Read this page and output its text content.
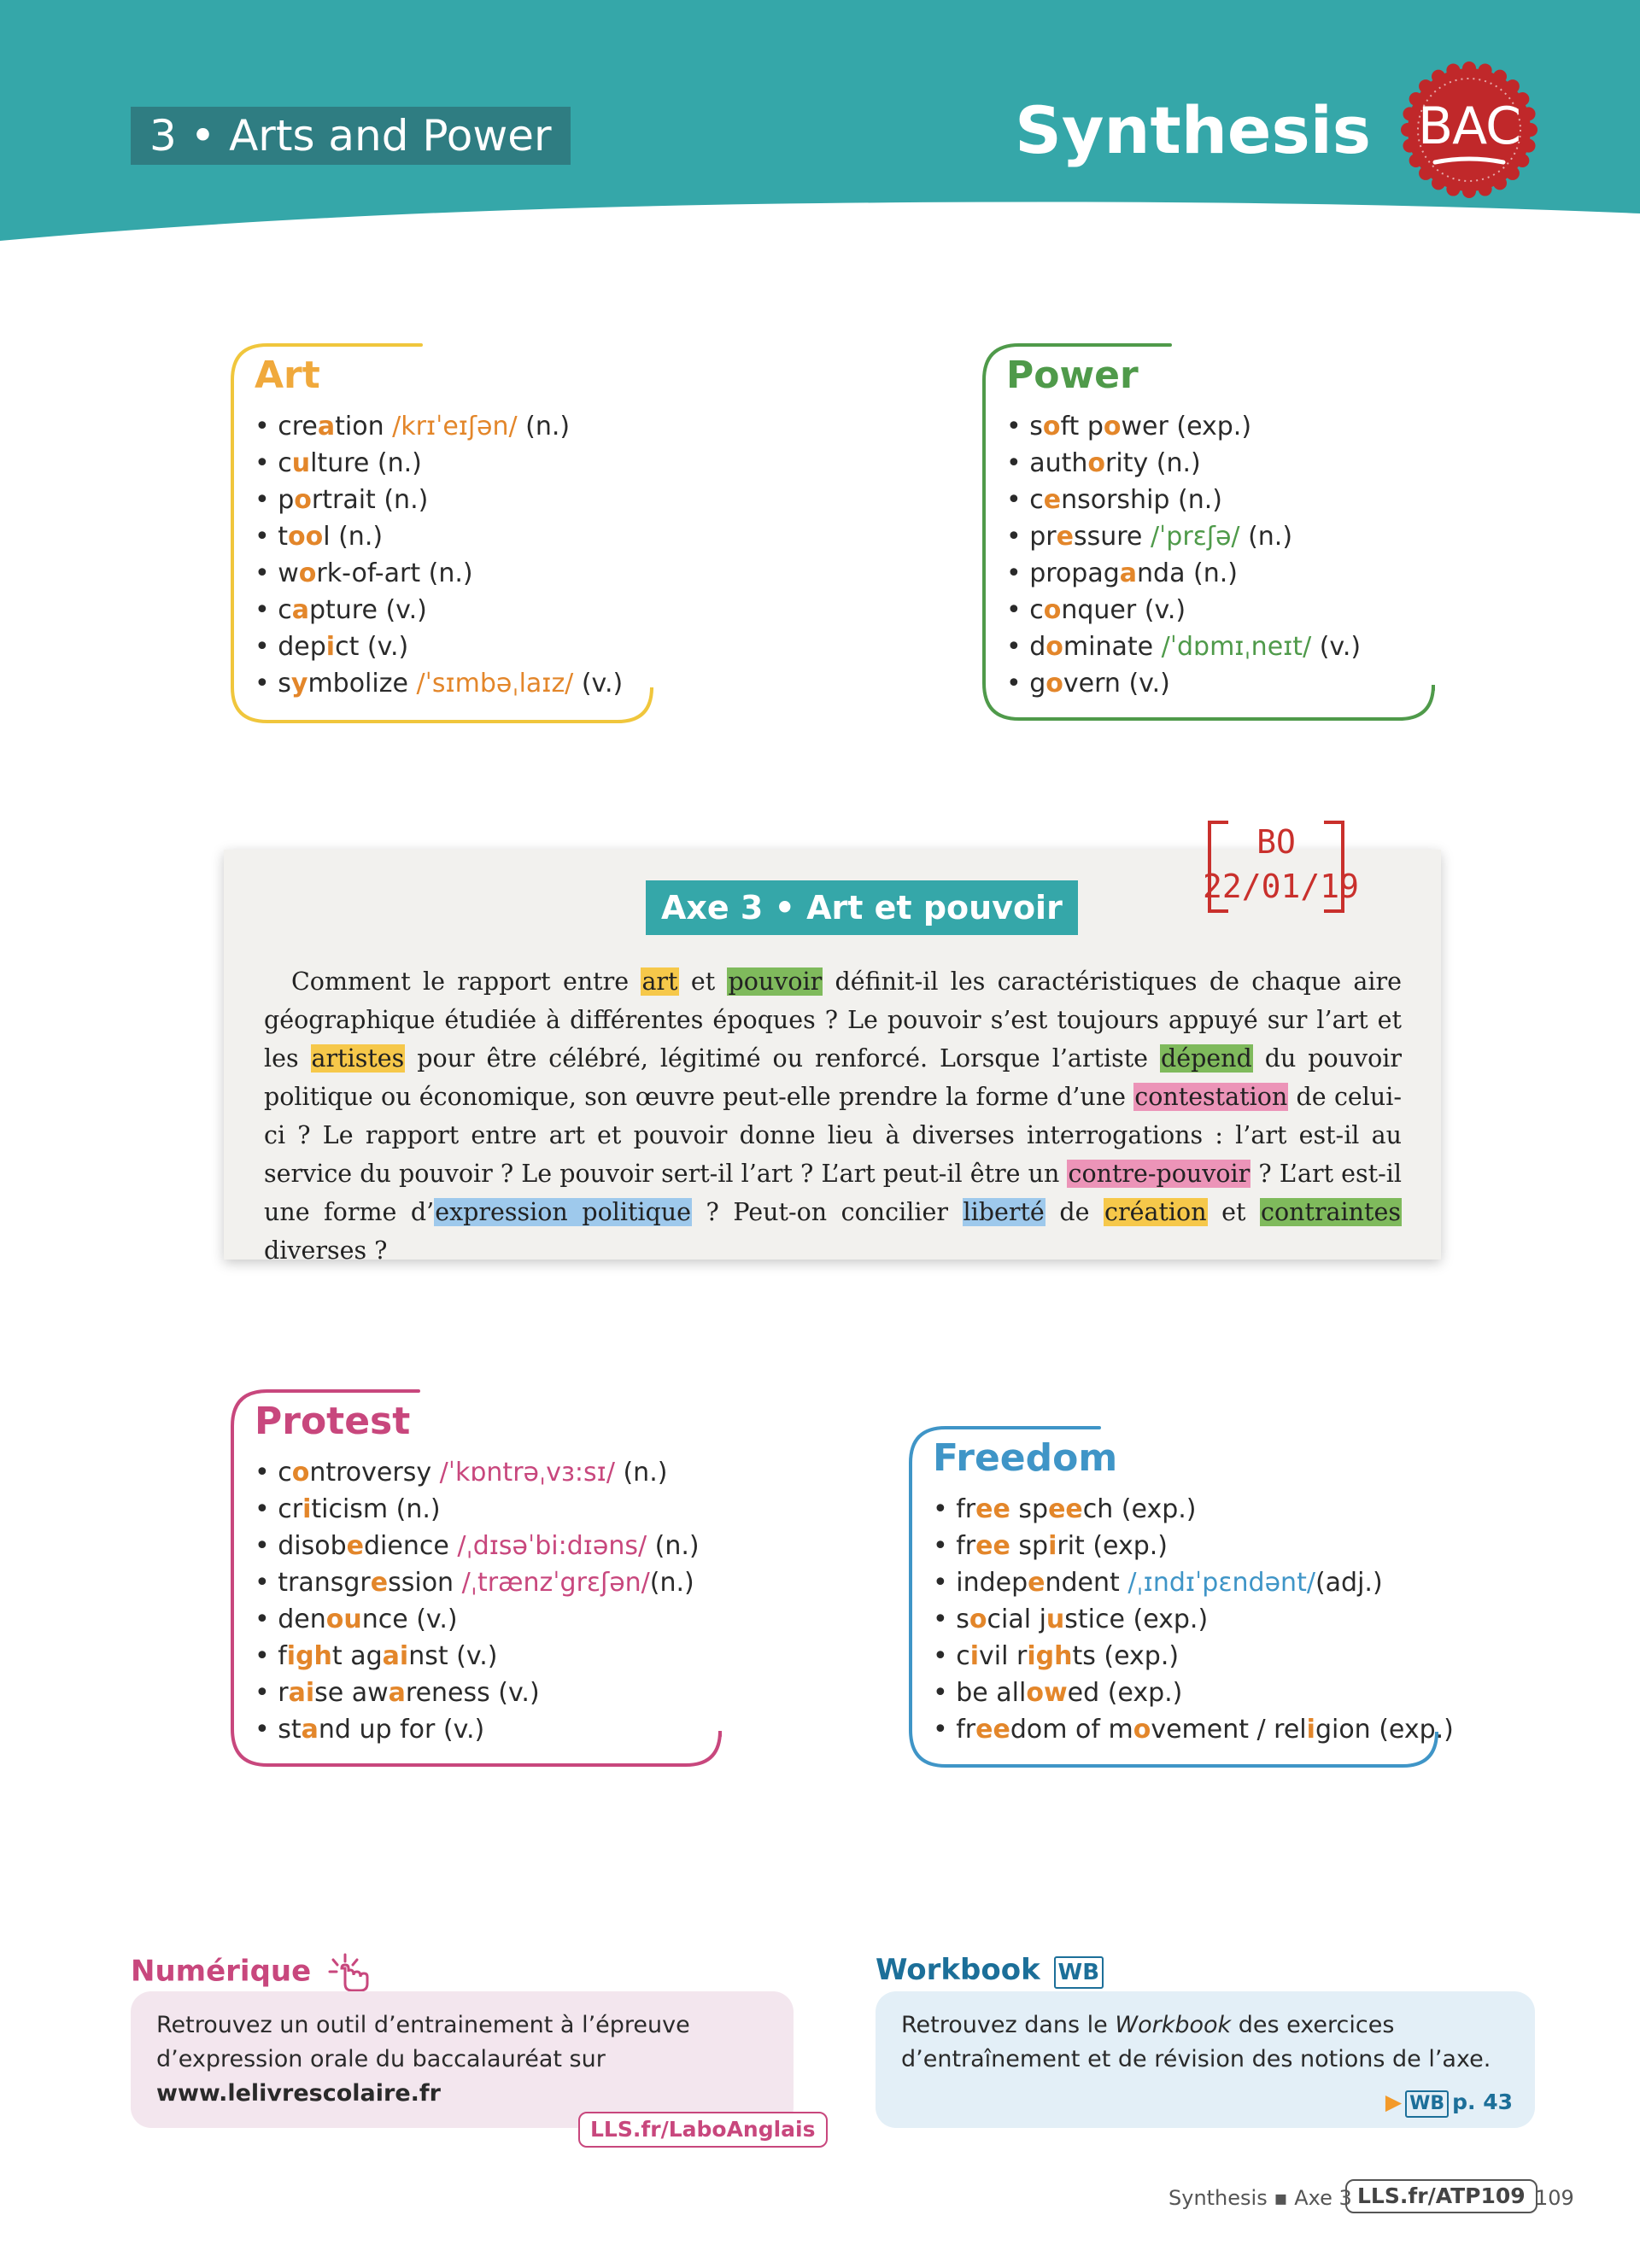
3 • Arts and Power	Synthesis BAC
Art
• creation /krɪˈeɪʃən/ (n.)
• culture (n.)
• portrait (n.)
• tool (n.)
• work-of-art (n.)
• capture (v.)
• depict (v.)
• symbolize /ˈsɪmbəˌlaɪz/ (v.)
Power
• soft power (exp.)
• authority (n.)
• censorship (n.)
• pressure /ˈprɛʃə/ (n.)
• propaganda (n.)
• conquer (v.)
• dominate /ˈdɒmɪˌneɪt/ (v.)
• govern (v.)
Axe 3 • Art et pouvoir
BO
22/01/19

Comment le rapport entre art et pouvoir définit-il les caractéristiques de chaque aire géographique étudiée à différentes époques ? Le pouvoir s’est toujours appuyé sur l’art et les artistes pour être célébré, légitimé ou renforcé. Lorsque l’artiste dépend du pouvoir politique ou économique, son œuvre peut-elle prendre la forme d’une contestation de celui-ci ? Le rapport entre art et pouvoir donne lieu à diverses interrogations : l’art est-il au service du pouvoir ? Le pouvoir sert-il l’art ? L’art peut-il être un contre-pouvoir ? L’art est-il une forme d’expression politique ? Peut-on concilier liberté de création et contraintes diverses ?

Protest
• controversy /ˈkɒntrəˌvɜ:sɪ/ (n.)
• criticism (n.)
• disobedience /ˌdɪsəˈbi:dɪəns/ (n.)
• transgression /ˌtrænzˈgrɛʃən/(n.)
• denounce (v.)
• fight against (v.)
• raise awareness (v.)
• stand up for (v.)
Freedom
• free speech (exp.)
• free spirit (exp.)
• independent /ˌɪndɪˈpɛndənt/(adj.)
• social justice (exp.)
• civil rights (exp.)
• be allowed (exp.)
• freedom of movement / religion (exp.)
Numérique
Retrouvez un outil d’entrainement à l’épreuve
d’expression orale du baccalauréat sur
www.lelivrescolaire.fr
LLS.fr/LaboAnglais
Workbook WB
Retrouvez dans le Workbook des exercices
d’entraînement et de révision des notions de l’axe.
▶ WB p. 43
Synthesis ▪ Axe 3 LLS.fr/ATP109 109
